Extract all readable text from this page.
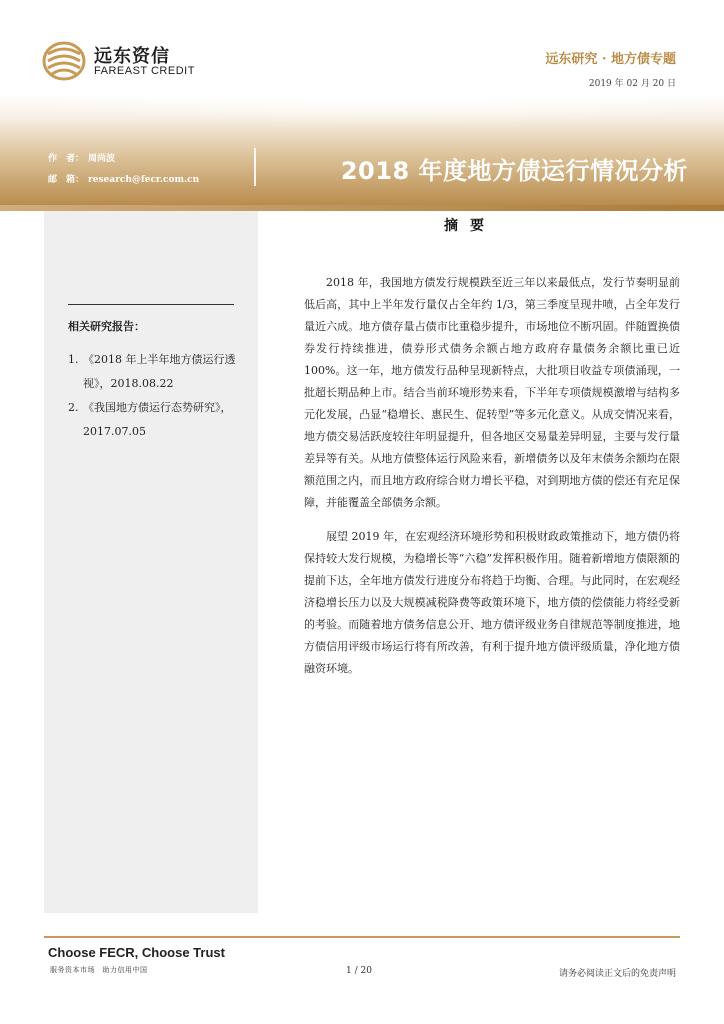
远东资信
FAREAST CREDIT
远东研究 · 地方债专题
2019 年 02 月 20 日
作　者： 周尚波
邮　箱： research@fecr.com.cn	2018 年度地方债运行情况分析
相关研究报告：
1. 《2018 年上半年地方债运行透视》，2018.08.22
2. 《我国地方债运行态势研究》，2017.07.05
摘要

2018 年，我国地方债发行规模跌至近三年以来最低点，发行节奏明显前低后高，其中上半年发行量仅占全年约 1/3，第三季度呈现井喷，占全年发行量近六成。地方债存量占债市比重稳步提升，市场地位不断巩固。伴随置换债券发行持续推进，债券形式债务余额占地方政府存量债务余额比重已近 100%。这一年，地方债发行品种呈现新特点，大批项目收益专项债涌现，一批超长期品种上市。结合当前环境形势来看，下半年专项债规模激增与结构多元化发展，凸显“稳增长、惠民生、促转型”等多元化意义。从成交情况来看，地方债交易活跃度较往年明显提升，但各地区交易量差异明显，主要与发行量差异等有关。从地方债整体运行风险来看，新增债务以及年末债务余额均在限额范围之内，而且地方政府综合财力增长平稳，对到期地方债的偿还有充足保障，并能覆盖全部债务余额。

展望 2019 年，在宏观经济环境形势和积极财政政策推动下，地方债仍将保持较大发行规模，为稳增长等“六稳”发挥积极作用。随着新增地方债限额的提前下达，全年地方债发行进度分布将趋于均衡、合理。与此同时，在宏观经济稳增长压力以及大规模减税降费等政策环境下，地方债的偿债能力将经受新的考验。而随着地方债务信息公开、地方债评级业务自律规范等制度推进，地方债信用评级市场运行将有所改善，有利于提升地方债评级质量，净化地方债融资环境。

Choose FECR, Choose Trust
服务资本市场　助力信用中国	1 / 20	请务必阅读正文后的免责声明
